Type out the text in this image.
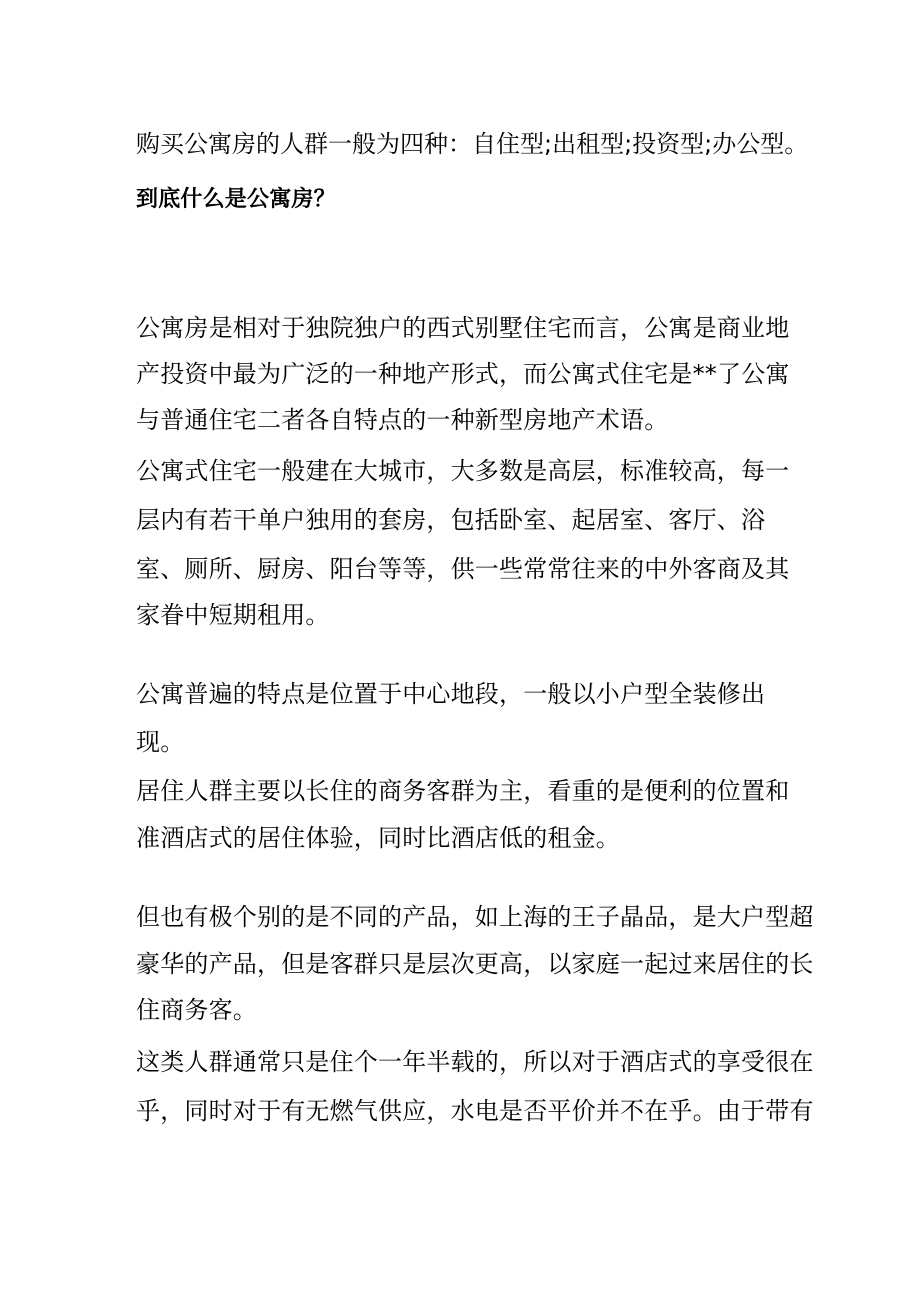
购买公寓房的人群一般为四种：自住型;出租型;投资型;办公型。

到底什么是公寓房？

公寓房是相对于独院独户的西式别墅住宅而言，公寓是商业地

产投资中最为广泛的一种地产形式，而公寓式住宅是**了公寓

与普通住宅二者各自特点的一种新型房地产术语。

公寓式住宅一般建在大城市，大多数是高层，标准较高，每一

层内有若干单户独用的套房，包括卧室、起居室、客厅、浴

室、厕所、厨房、阳台等等，供一些常常往来的中外客商及其

家眷中短期租用。

公寓普遍的特点是位置于中心地段，一般以小户型全装修出

现。

居住人群主要以长住的商务客群为主，看重的是便利的位置和

准酒店式的居住体验，同时比酒店低的租金。

但也有极个别的是不同的产品，如上海的王子晶品，是大户型超

豪华的产品，但是客群只是层次更高，以家庭一起过来居住的长

住商务客。

这类人群通常只是住个一年半载的，所以对于酒店式的享受很在

乎，同时对于有无燃气供应，水电是否平价并不在乎。由于带有
